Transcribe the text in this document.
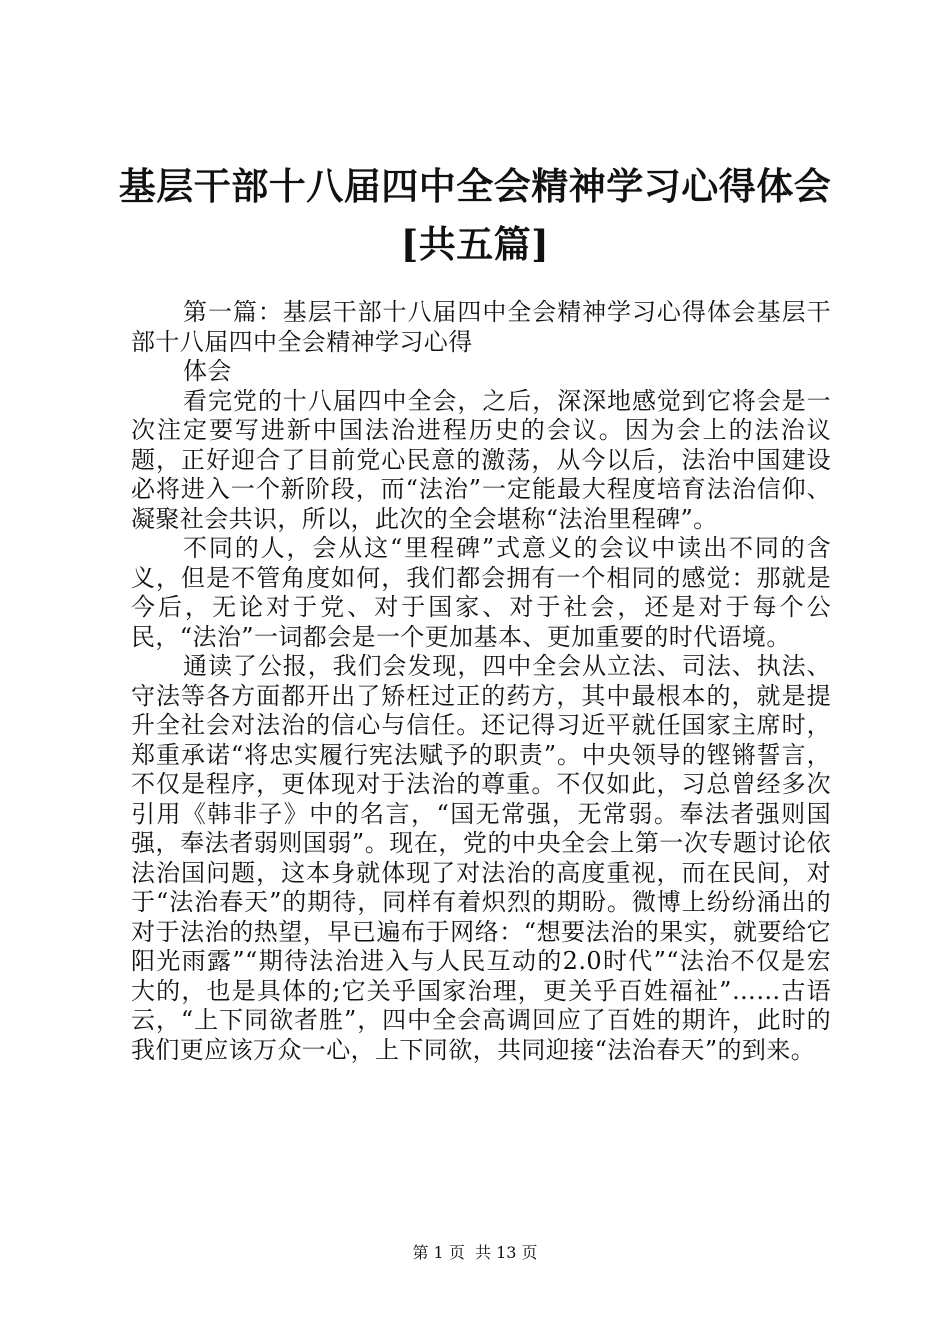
基层干部十八届四中全会精神学习心得体会
[共五篇]

第一篇：基层干部十八届四中全会精神学习心得体会基层干部十八届四中全会精神学习心得

体会

看完党的十八届四中全会，之后，深深地感觉到它将会是一次注定要写进新中国法治进程历史的会议。因为会上的法治议题，正好迎合了目前党心民意的激荡，从今以后，法治中国建设必将进入一个新阶段，而“法治”一定能最大程度培育法治信仰、凝聚社会共识，所以，此次的全会堪称“法治里程碑”。

不同的人，会从这“里程碑”式意义的会议中读出不同的含义，但是不管角度如何，我们都会拥有一个相同的感觉：那就是今后，无论对于党、对于国家、对于社会，还是对于每个公民，“法治”一词都会是一个更加基本、更加重要的时代语境。

通读了公报，我们会发现，四中全会从立法、司法、执法、守法等各方面都开出了矫枉过正的药方，其中最根本的，就是提升全社会对法治的信心与信任。还记得习近平就任国家主席时，郑重承诺“将忠实履行宪法赋予的职责”。中央领导的铿锵誓言，不仅是程序，更体现对于法治的尊重。不仅如此，习总曾经多次引用《韩非子》中的名言，“国无常强，无常弱。奉法者强则国强，奉法者弱则国弱”。现在，党的中央全会上第一次专题讨论依法治国问题，这本身就体现了对法治的高度重视，而在民间，对于“法治春天”的期待，同样有着炽烈的期盼。微博上纷纷涌出的对于法治的热望，早已遍布于网络：“想要法治的果实，就要给它阳光雨露”“期待法治进入与人民互动的2.0时代”“法治不仅是宏大的，也是具体的;它关乎国家治理，更关乎百姓福祉”……古语云，“上下同欲者胜”，四中全会高调回应了百姓的期许，此时的我们更应该万众一心，上下同欲，共同迎接“法治春天”的到来。

第 1 页  共 13 页
